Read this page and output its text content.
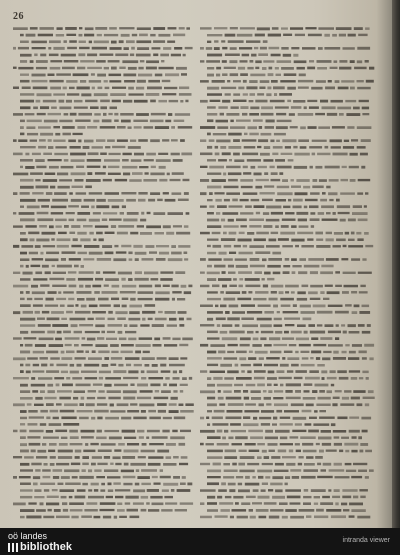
26
oö landes
bibliothek
intranda viewer
